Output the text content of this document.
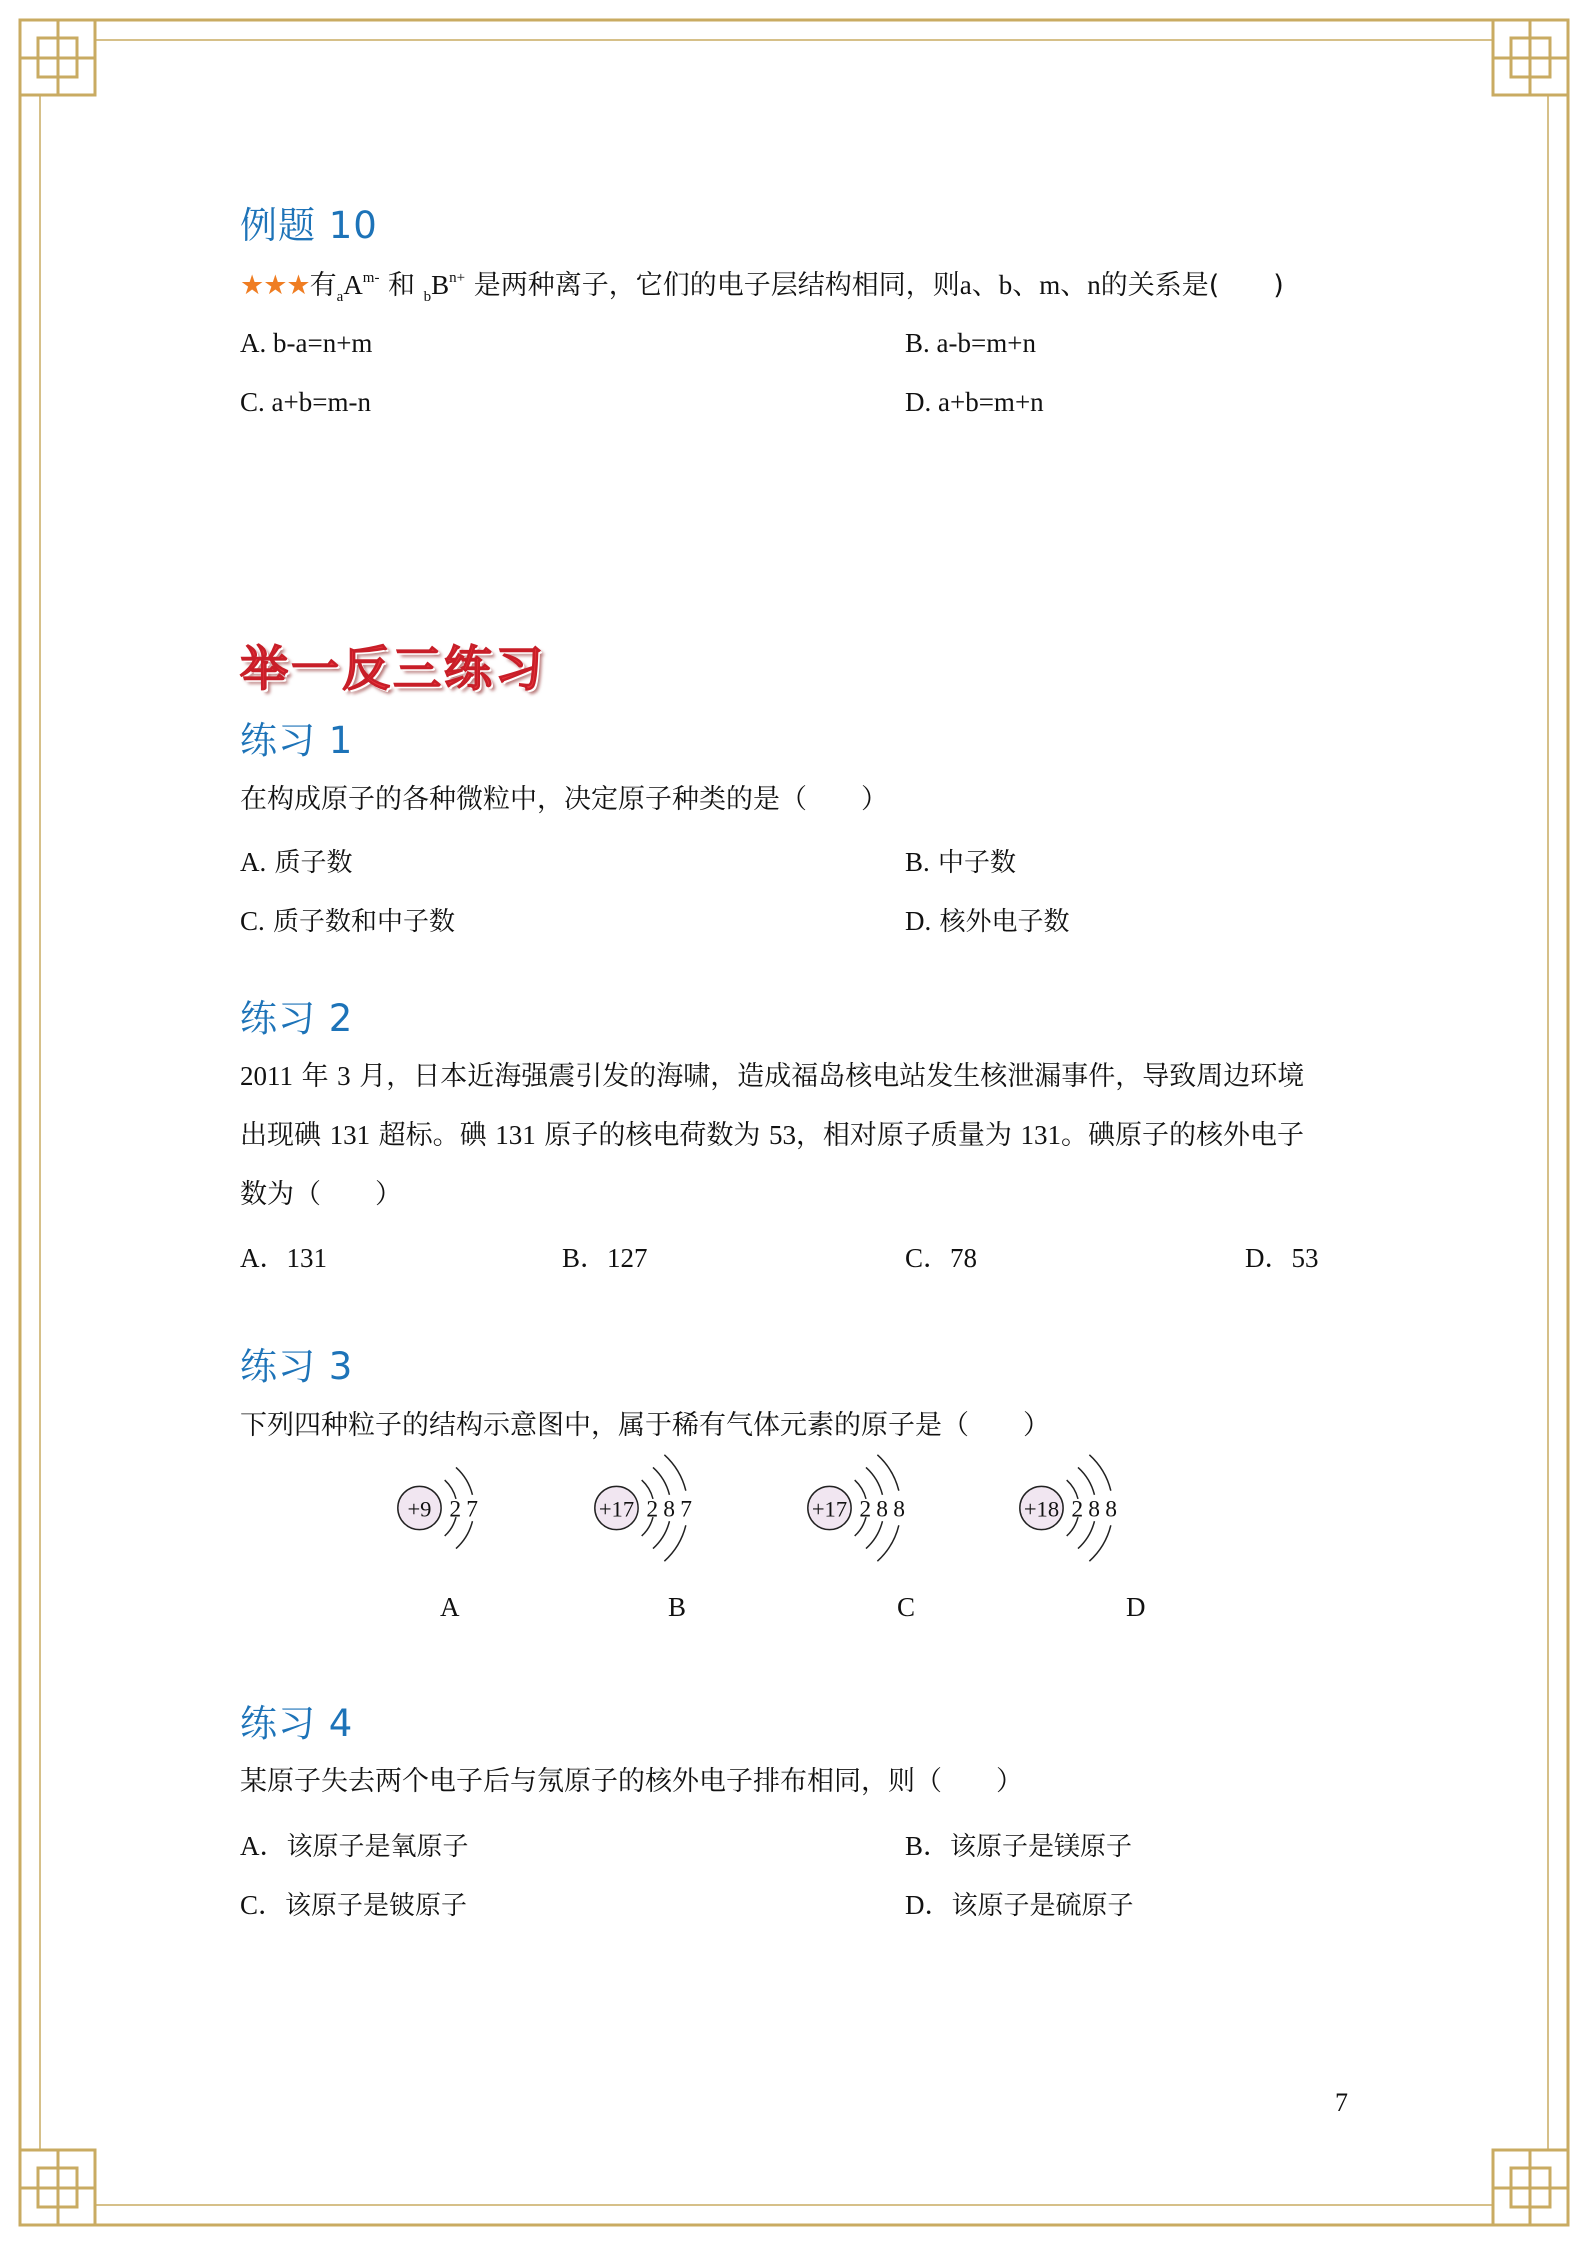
例题 10
★★★有$_aA^{m-}$ 和 $_bB^{n+}$ 是两种离子，它们的电子层结构相同，则a、b、m、n的关系是(　　)
A. b-a=n+m	B. a-b=m+n
C. a+b=m-n	D. a+b=m+n
举一反三练习
练习 1
在构成原子的各种微粒中，决定原子种类的是（　　）
A. 质子数	B. 中子数
C. 质子数和中子数	D. 核外电子数
练习 2
2011 年 3 月，日本近海强震引发的海啸，造成福岛核电站发生核泄漏事件，导致周边环境
出现碘 131 超标。碘 131 原子的核电荷数为 53，相对原子质量为 131。碘原子的核外电子
数为（　　）
A．131	B．127	C．78	D．53
练习 3
下列四种粒子的结构示意图中，属于稀有气体元素的原子是（　　）
+9 2 7
A
+17 2 8 7
B
+17 2 8 8
C
+18 2 8 8
D
练习 4
某原子失去两个电子后与氖原子的核外电子排布相同，则（　　）
A．该原子是氧原子	B．该原子是镁原子
C．该原子是铍原子	D．该原子是硫原子
7
